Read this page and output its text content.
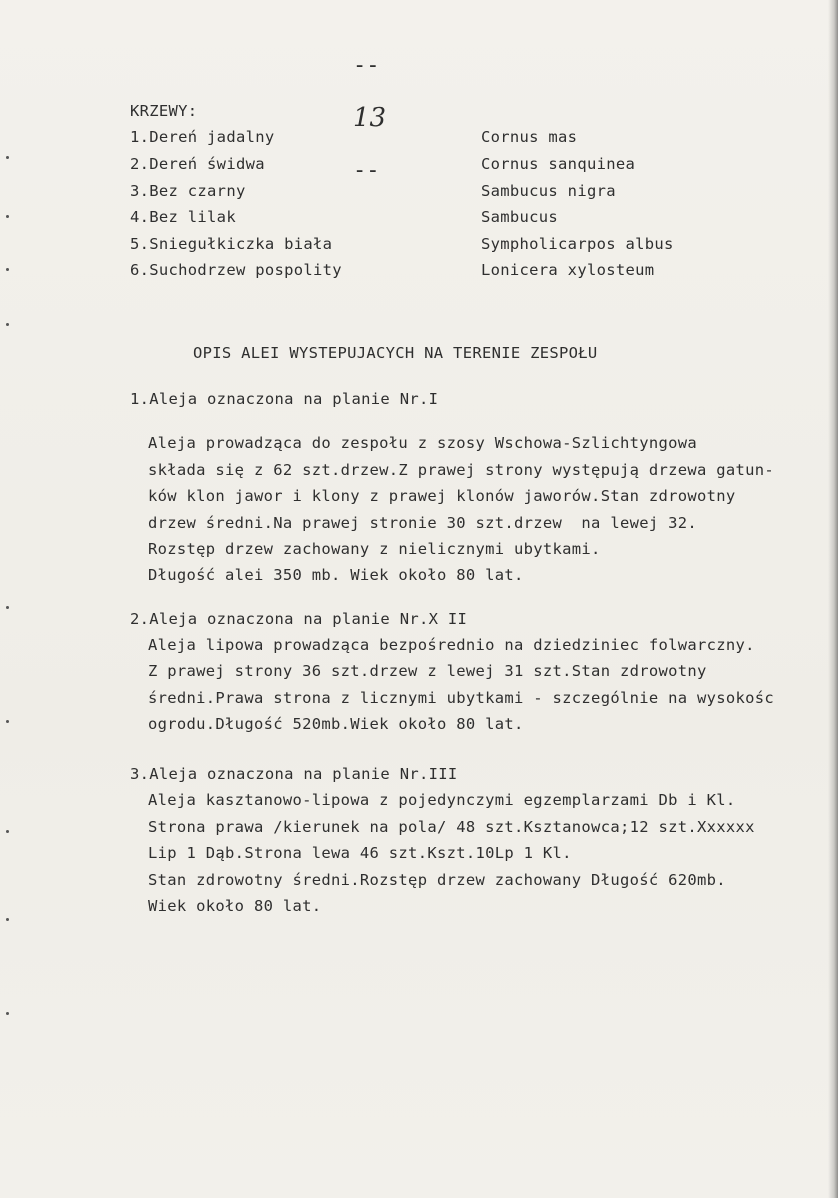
--

13

--

KRZEWY:
1.Dereń jadalny	Cornus mas
2.Dereń świdwa	Cornus sanquinea
3.Bez czarny	Sambucus nigra
4.Bez lilak	Sambucus
5.Sniegułkiczka biała	Sympholicarpos albus
6.Suchodrzew pospolity	Lonicera xylosteum
OPIS ALEI WYSTEPUJACYCH NA TERENIE ZESPOŁU
1.Aleja oznaczona na planie Nr.I
Aleja prowadząca do zespołu z szosy Wschowa-Szlichtyngowa
składa się z 62 szt.drzew.Z prawej strony występują drzewa gatun-
ków klon jawor i klony z prawej klonów jaworów.Stan zdrowotny
drzew średni.Na prawej stronie 30 szt.drzew  na lewej 32.
Rozstęp drzew zachowany z nielicznymi ubytkami.
Długość alei 350 mb. Wiek około 80 lat.
2.Aleja oznaczona na planie Nr.X II
Aleja lipowa prowadząca bezpośrednio na dziedziniec folwarczny.
Z prawej strony 36 szt.drzew z lewej 31 szt.Stan zdrowotny
średni.Prawa strona z licznymi ubytkami - szczególnie na wysokośc
ogrodu.Długość 520mb.Wiek około 80 lat.
3.Aleja oznaczona na planie Nr.III
Aleja kasztanowo-lipowa z pojedynczymi egzemplarzami Db i Kl.
Strona prawa /kierunek na pola/ 48 szt.Ksztanowca;12 szt.Xxxxxx
Lip 1 Dąb.Strona lewa 46 szt.Kszt.10Lp 1 Kl.
Stan zdrowotny średni.Rozstęp drzew zachowany Długość 620mb.
Wiek około 80 lat.
